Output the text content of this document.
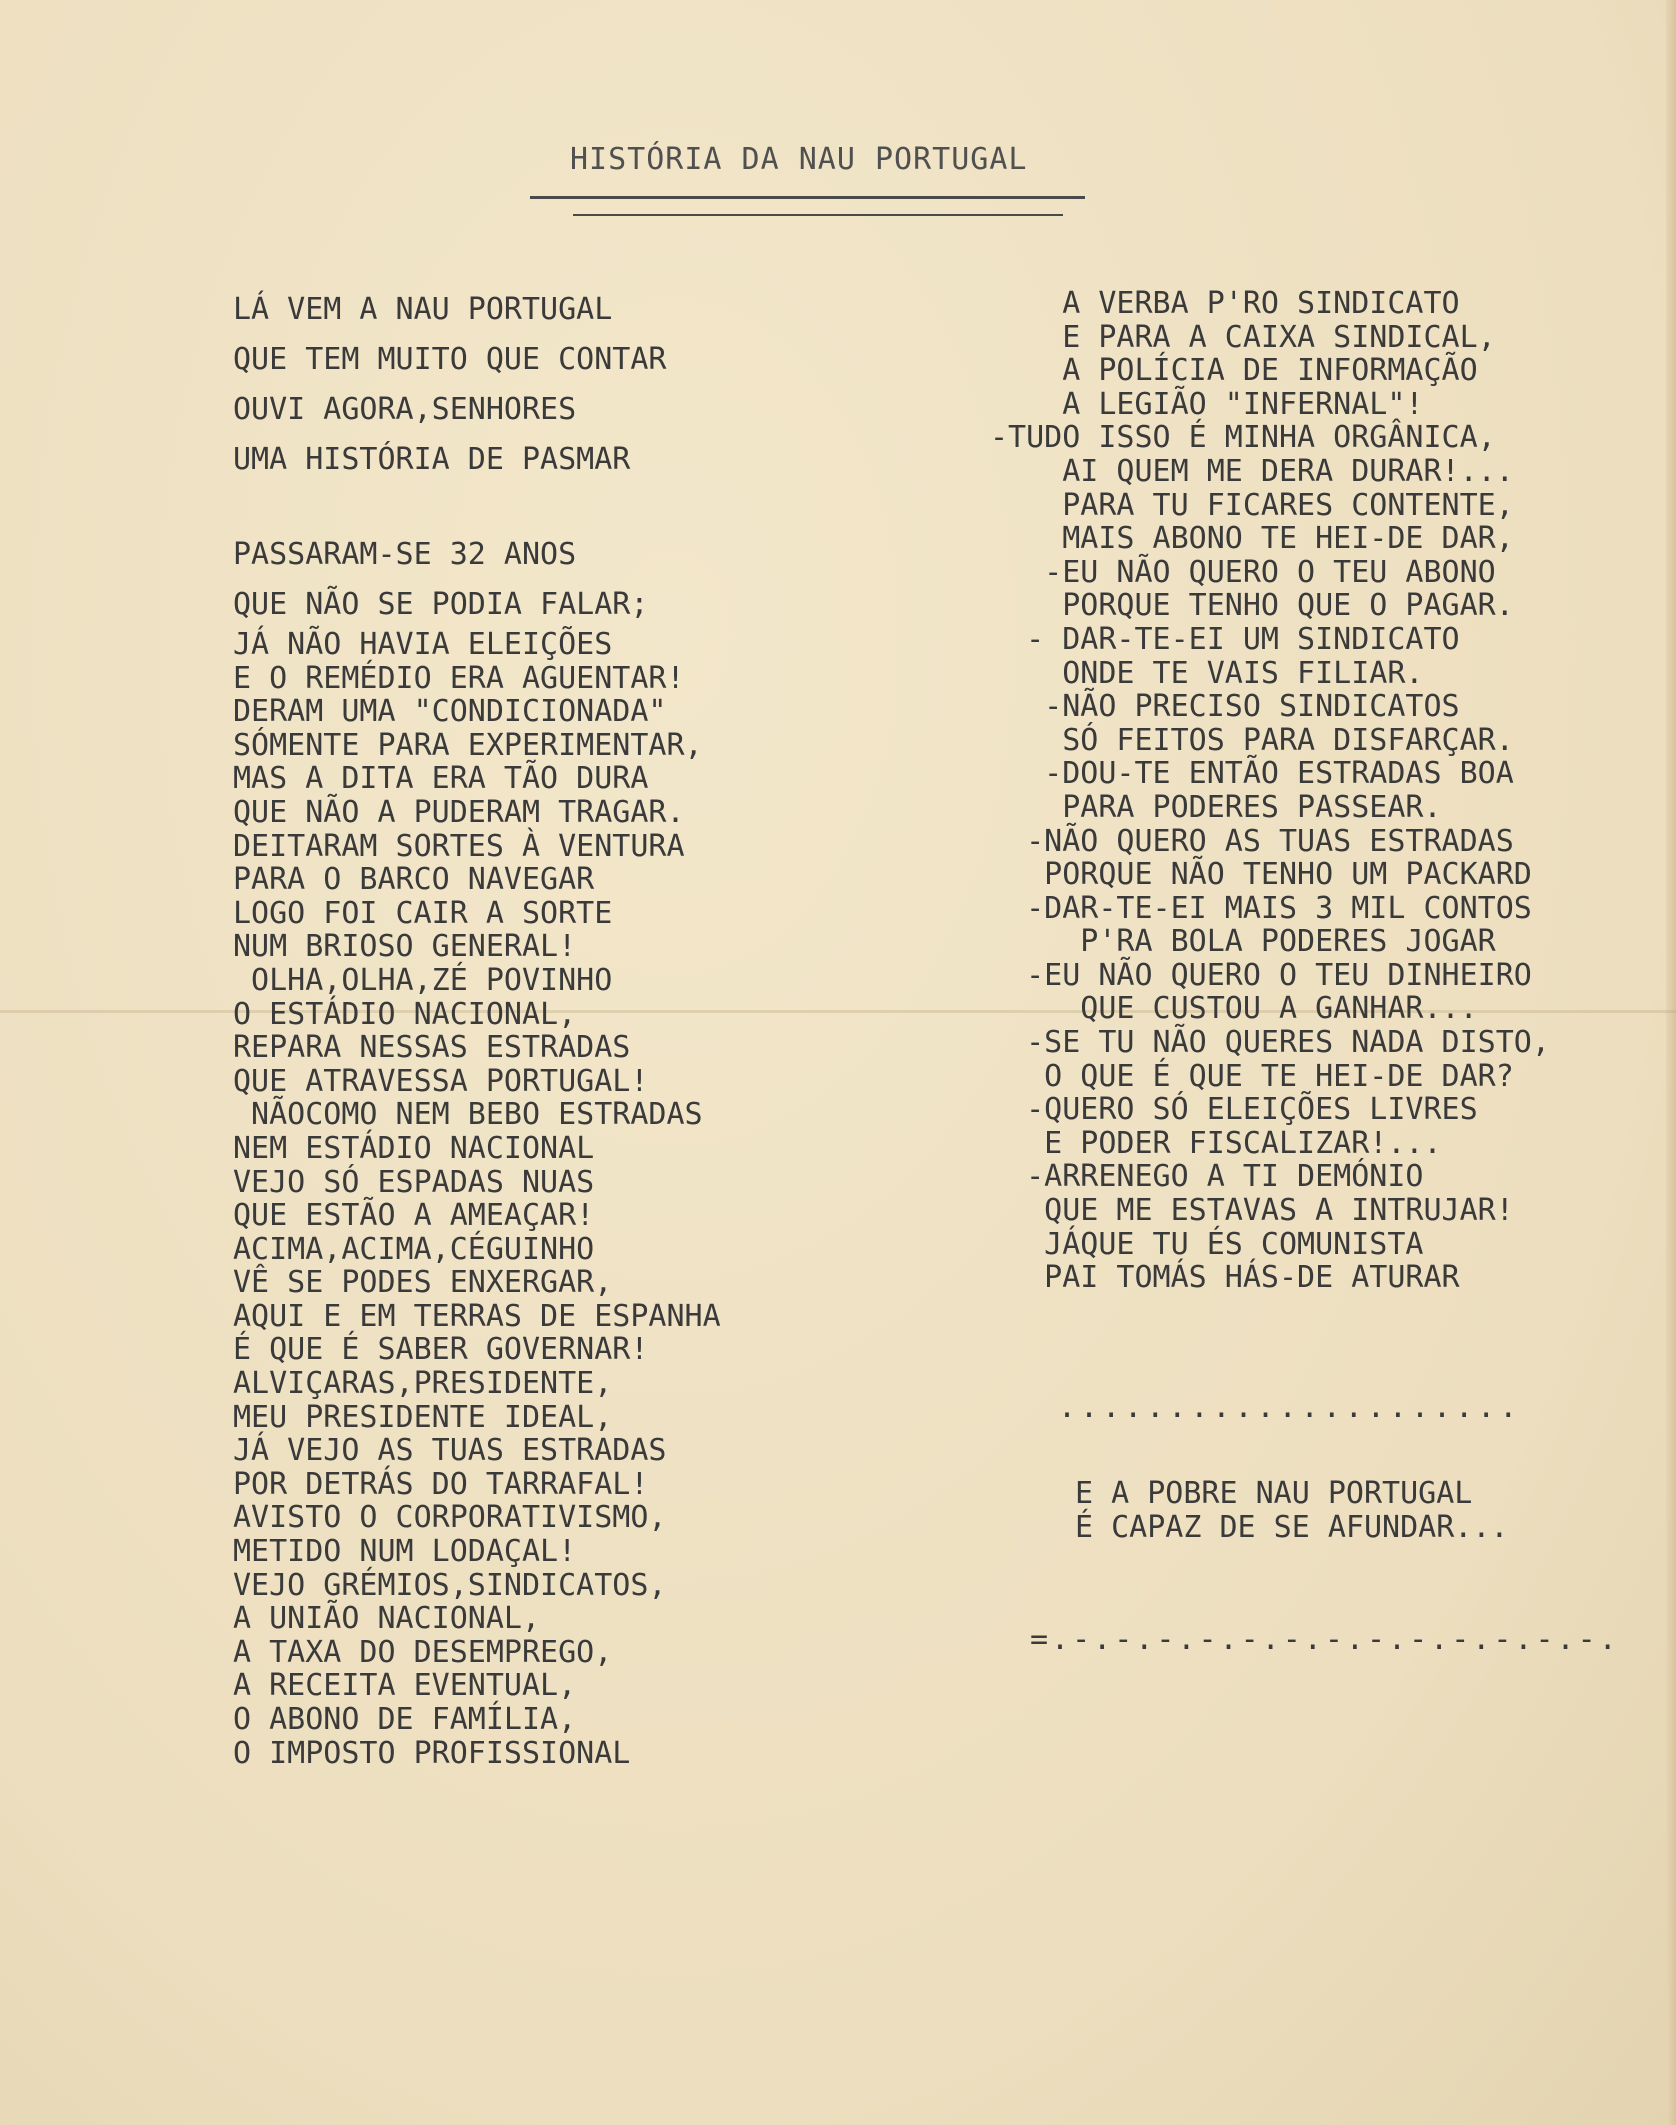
HISTÓRIA DA NAU PORTUGAL
LÁ VEM A NAU PORTUGAL
QUE TEM MUITO QUE CONTAR
OUVI AGORA,SENHORES
UMA HISTÓRIA DE PASMAR
PASSARAM-SE 32 ANOS
QUE NÃO SE PODIA FALAR;
JÁ NÃO HAVIA ELEIÇÕES
E O REMÉDIO ERA AGUENTAR!
DERAM UMA "CONDICIONADA"
SÓMENTE PARA EXPERIMENTAR,
MAS A DITA ERA TÃO DURA
QUE NÃO A PUDERAM TRAGAR.
DEITARAM SORTES À VENTURA
PARA O BARCO NAVEGAR
LOGO FOI CAIR A SORTE
NUM BRIOSO GENERAL!
OLHA,OLHA,ZÉ POVINHO
O ESTÁDIO NACIONAL,
REPARA NESSAS ESTRADAS
QUE ATRAVESSA PORTUGAL!
NÃOCOMO NEM BEBO ESTRADAS
NEM ESTÁDIO NACIONAL
VEJO SÓ ESPADAS NUAS
QUE ESTÃO A AMEAÇAR!
ACIMA,ACIMA,CÉGUINHO
VÊ SE PODES ENXERGAR,
AQUI E EM TERRAS DE ESPANHA
É QUE É SABER GOVERNAR!
ALVIÇARAS,PRESIDENTE,
MEU PRESIDENTE IDEAL,
JÁ VEJO AS TUAS ESTRADAS
POR DETRÁS DO TARRAFAL!
AVISTO O CORPORATIVISMO,
METIDO NUM LODAÇAL!
VEJO GRÉMIOS,SINDICATOS,
A UNIÃO NACIONAL,
A TAXA DO DESEMPREGO,
A RECEITA EVENTUAL,
O ABONO DE FAMÍLIA,
O IMPOSTO PROFISSIONAL
A VERBA P'RO SINDICATO
E PARA A CAIXA SINDICAL,
A POLÍCIA DE INFORMAÇÃO
A LEGIÃO "INFERNAL"!
-TUDO ISSO É MINHA ORGÂNICA,
AI QUEM ME DERA DURAR!...
PARA TU FICARES CONTENTE,
MAIS ABONO TE HEI-DE DAR,
-EU NÃO QUERO O TEU ABONO
PORQUE TENHO QUE O PAGAR.
- DAR-TE-EI UM SINDICATO
ONDE TE VAIS FILIAR.
-NÃO PRECISO SINDICATOS
SÓ FEITOS PARA DISFARÇAR.
-DOU-TE ENTÃO ESTRADAS BOA
PARA PODERES PASSEAR.
-NÃO QUERO AS TUAS ESTRADAS
PORQUE NÃO TENHO UM PACKARD
-DAR-TE-EI MAIS 3 MIL CONTOS
P'RA BOLA PODERES JOGAR
-EU NÃO QUERO O TEU DINHEIRO
QUE CUSTOU A GANHAR...
-SE TU NÃO QUERES NADA DISTO,
O QUE É QUE TE HEI-DE DAR?
-QUERO SÓ ELEIÇÕES LIVRES
E PODER FISCALIZAR!...
-ARRENEGO A TI DEMÓNIO
QUE ME ESTAVAS A INTRUJAR!
JÁQUE TU ÉS COMUNISTA
PAI TOMÁS HÁS-DE ATURAR
.....................
E A POBRE NAU PORTUGAL
É CAPAZ DE SE AFUNDAR...
=.-.-.-.-.-.-.-.-.-.-.-.-.-.
